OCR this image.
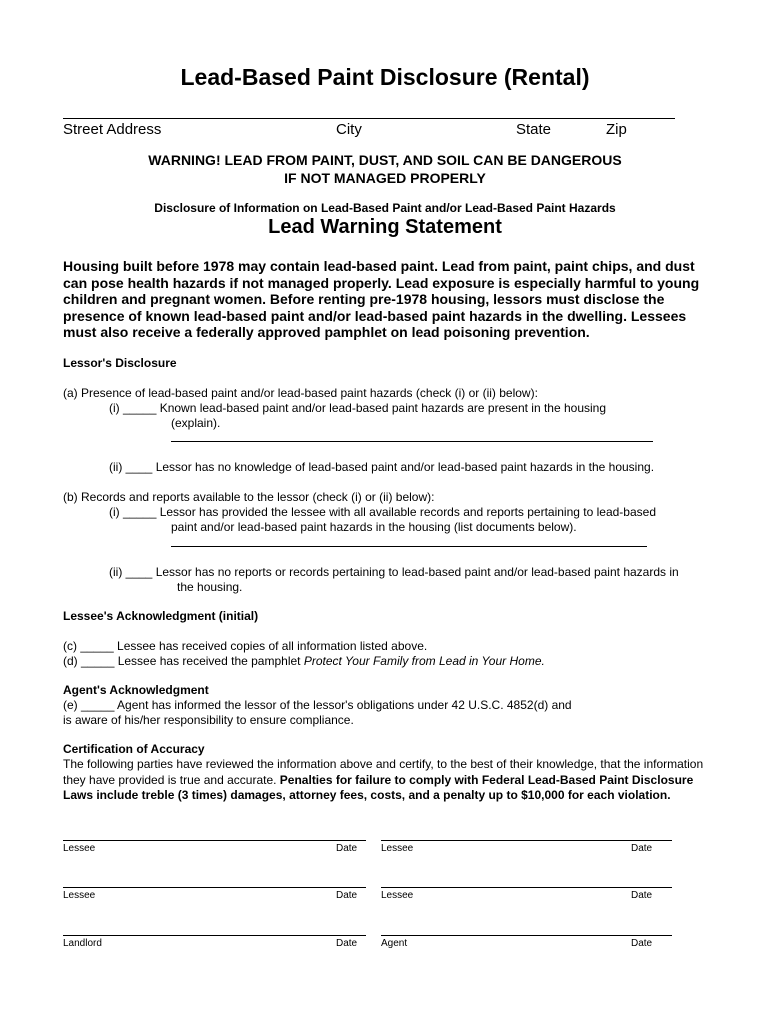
Lead-Based Paint Disclosure (Rental)
Street Address	City	State	Zip
WARNING! LEAD FROM PAINT, DUST, AND SOIL CAN BE DANGEROUS
IF NOT MANAGED PROPERLY
Disclosure of Information on Lead-Based Paint and/or Lead-Based Paint Hazards
Lead Warning Statement
Housing built before 1978 may contain lead-based paint. Lead from paint, paint chips, and dust can pose health hazards if not managed properly. Lead exposure is especially harmful to young children and pregnant women. Before renting pre-1978 housing, lessors must disclose the presence of known lead-based paint and/or lead-based paint hazards in the dwelling. Lessees must also receive a federally approved pamphlet on lead poisoning prevention.
Lessor's Disclosure
(a) Presence of lead-based paint and/or lead-based paint hazards (check (i) or (ii) below):
(i) _____ Known lead-based paint and/or lead-based paint hazards are present in the housing
(explain).
(ii) ____ Lessor has no knowledge of lead-based paint and/or lead-based paint hazards in the housing.
(b) Records and reports available to the lessor (check (i) or (ii) below):
(i) _____ Lessor has provided the lessee with all available records and reports pertaining to lead-based
paint and/or lead-based paint hazards in the housing (list documents below).
(ii) ____ Lessor has no reports or records pertaining to lead-based paint and/or lead-based paint hazards in
the housing.
Lessee's Acknowledgment (initial)
(c) _____ Lessee has received copies of all information listed above.
(d) _____ Lessee has received the pamphlet Protect Your Family from Lead in Your Home.
Agent's Acknowledgment
(e) _____ Agent has informed the lessor of the lessor's obligations under 42 U.S.C. 4852(d) and
is aware of his/her responsibility to ensure compliance.
Certification of Accuracy
The following parties have reviewed the information above and certify, to the best of their knowledge, that the information they have provided is true and accurate. Penalties for failure to comply with Federal Lead-Based Paint Disclosure Laws include treble (3 times) damages, attorney fees, costs, and a penalty up to $10,000 for each violation.
Lessee	Date Lessee	Date
Lessee	Date Lessee	Date
Landlord	Date Agent	Date
